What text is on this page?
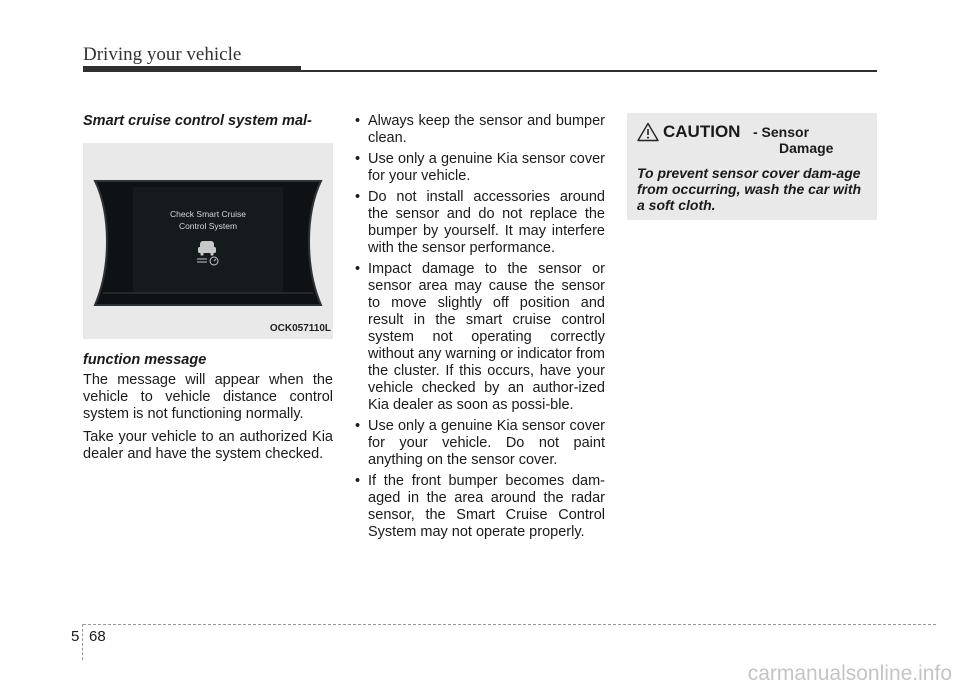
Driving your vehicle
Smart cruise control system mal-
Check Smart Cruise
Control System
OCK057110L
function message

The message will appear when the vehicle to vehicle distance control system is not functioning normally.

Take your vehicle to an authorized Kia dealer and have the system checked.

• Always keep the sensor and bumper clean.
• Use only a genuine Kia sensor cover for your vehicle.
• Do not install accessories around the sensor and do not replace the bumper by yourself. It may interfere with the sensor performance.
• Impact damage to the sensor or sensor area may cause the sensor to move slightly off position and result in the smart cruise control system not operating correctly without any warning or indicator from the cluster. If this occurs, have your vehicle checked by an author-ized Kia dealer as soon as possi-ble.
• Use only a genuine Kia sensor cover for your vehicle. Do not paint anything on the sensor cover.
• If the front bumper becomes dam-aged in the area around the radar sensor, the Smart Cruise Control System may not operate properly.
CAUTION - Sensor
Damage
To prevent sensor cover dam-age from occurring, wash the car with a soft cloth.
5 68
carmanualsonline.info
